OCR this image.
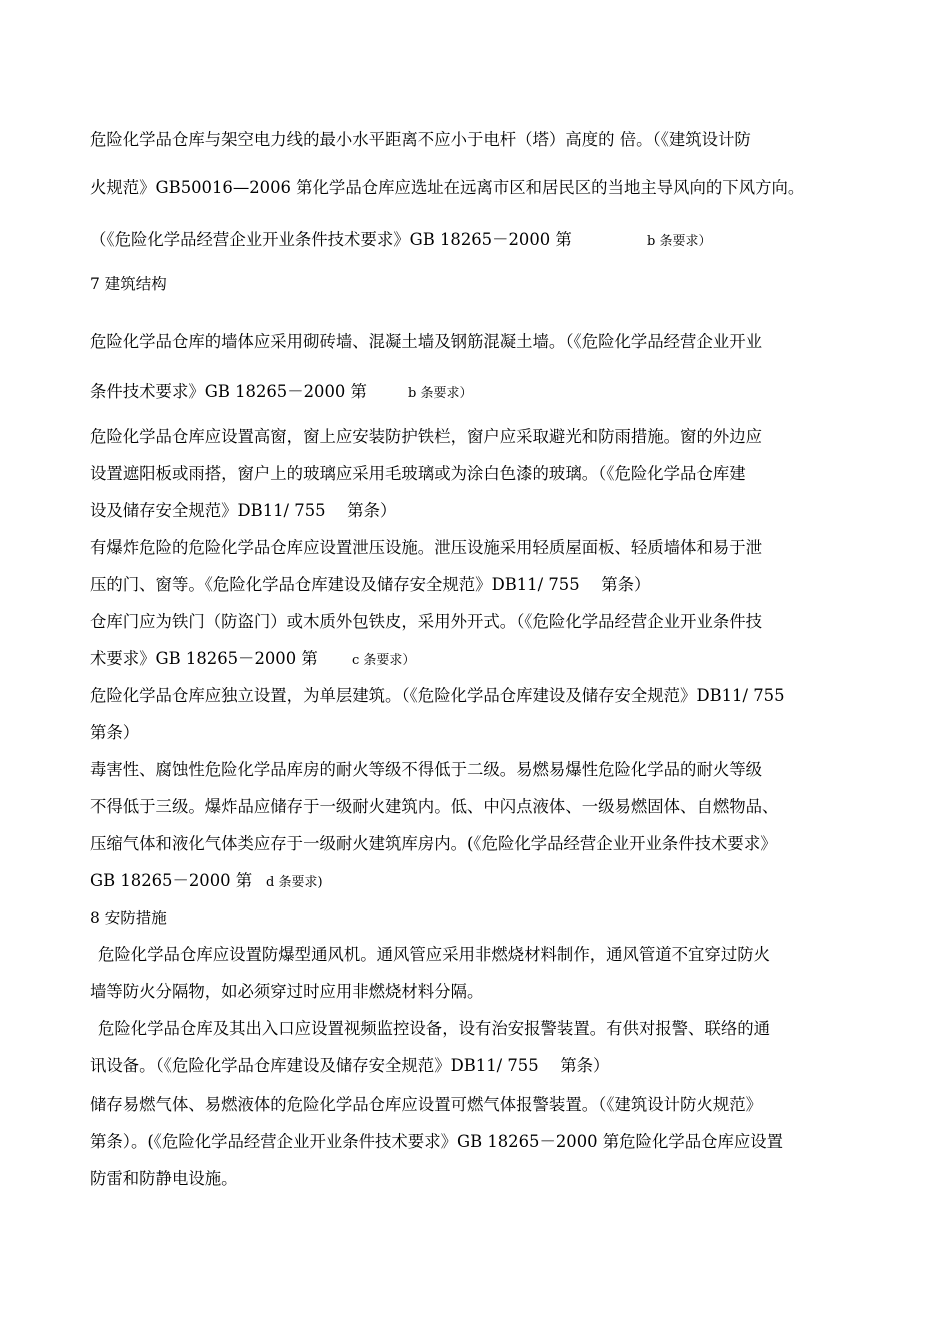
危险化学品仓库与架空电力线的最小水平距离不应小于电杆（塔）高度的 倍。（《建筑设计防
火规范》GB50016—2006 第化学品仓库应选址在远离市区和居民区的当地主导风向的下风方向。
（《危险化学品经营企业开业条件技术要求》GB 18265－2000 第	b 条要求）
7 建筑结构
危险化学品仓库的墙体应采用砌砖墙、混凝土墙及钢筋混凝土墙。（《危险化学品经营企业开业
条件技术要求》GB 18265－2000 第	b 条要求）
危险化学品仓库应设置高窗，窗上应安装防护铁栏，窗户应采取避光和防雨措施。窗的外边应
设置遮阳板或雨搭，窗户上的玻璃应采用毛玻璃或为涂白色漆的玻璃。（《危险化学品仓库建
设及储存安全规范》DB11/ 755　 第条）
有爆炸危险的危险化学品仓库应设置泄压设施。泄压设施采用轻质屋面板、轻质墙体和易于泄
压的门、窗等。《危险化学品仓库建设及储存安全规范》DB11/ 755　 第条）
仓库门应为铁门（防盗门）或木质外包铁皮，采用外开式。（《危险化学品经营企业开业条件技
术要求》GB 18265－2000 第	c 条要求）
危险化学品仓库应独立设置，为单层建筑。（《危险化学品仓库建设及储存安全规范》DB11/ 755
第条）
毒害性、腐蚀性危险化学品库房的耐火等级不得低于二级。易燃易爆性危险化学品的耐火等级
不得低于三级。爆炸品应储存于一级耐火建筑内。低、中闪点液体、一级易燃固体、自燃物品、
压缩气体和液化气体类应存于一级耐火建筑库房内。(《危险化学品经营企业开业条件技术要求》
GB 18265－2000 第	d 条要求)
8 安防措施
危险化学品仓库应设置防爆型通风机。通风管应采用非燃烧材料制作，通风管道不宜穿过防火
墙等防火分隔物，如必须穿过时应用非燃烧材料分隔。
危险化学品仓库及其出入口应设置视频监控设备，设有治安报警装置。有供对报警、联络的通
讯设备。（《危险化学品仓库建设及储存安全规范》DB11/ 755　 第条）
储存易燃气体、易燃液体的危险化学品仓库应设置可燃气体报警装置。（《建筑设计防火规范》
第条）。(《危险化学品经营企业开业条件技术要求》GB 18265－2000 第危险化学品仓库应设置
防雷和防静电设施。
